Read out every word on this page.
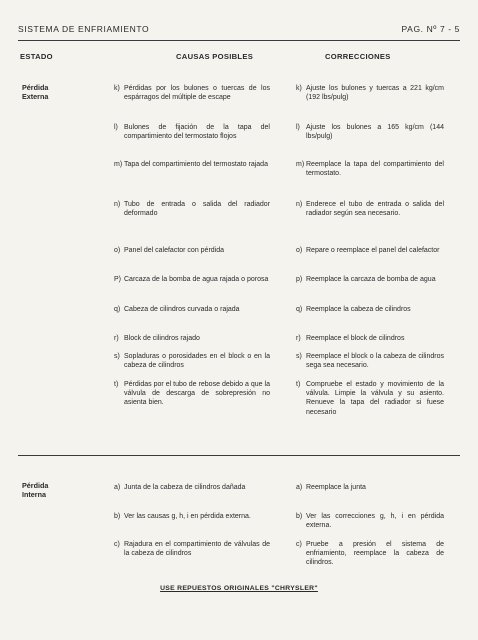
SISTEMA DE ENFRIAMIENTO	PAG. Nº 7 - 5
ESTADO	CAUSAS POSIBLES	CORRECCIONES
Pérdida
Externa
k) Pérdidas por los bulones o tuercas de los espárragos del múltiple de escape
k) Ajuste los bulones y tuercas a 221 kg/cm (192 lbs/pulg)
l) Bulones de fijación de la tapa del compartimiento del termostato flojos
l) Ajuste los bulones a 165 kg/cm (144 lbs/pulg)
m) Tapa del compartimiento del termostato rajada	m) Reemplace la tapa del compartimiento del termostato.
n) Tubo de entrada o salida del radiador deformado
n) Enderece el tubo de entrada o salida del radiador según sea necesario.
o) Panel del calefactor con pérdida	o) Repare o reemplace el panel del calefactor
P) Carcaza de la bomba de agua rajada o porosa	p) Reemplace la carcaza de bomba de agua
q) Cabeza de cilindros curvada o rajada	q) Reemplace la cabeza de cilindros
r) Block de cilindros rajado	r) Reemplace el block de cilindros
s) Sopladuras o porosidades en el block o en la cabeza de cilindros
s) Reemplace el block o la cabeza de cilindros sega sea necesario.
t) Pérdidas por el tubo de rebose debido a que la válvula de descarga de sobrepresión no asienta bien.
t) Compruebe el estado y movimiento de la válvula. Limpie la válvula y su asiento. Renueve la tapa del radiador si fuese necesario
Pérdida
Interna
a) Junta de la cabeza de cilindros dañada	a) Reemplace la junta
b) Ver las causas g, h, i en pérdida externa.	b) Ver las correcciones g, h, i en pérdida externa.
c) Rajadura en el compartimiento de válvulas de la cabeza de cilindros
c) Pruebe a presión el sistema de enfriamiento, reemplace la cabeza de cilindros.
USE REPUESTOS ORIGINALES "CHRYSLER"
